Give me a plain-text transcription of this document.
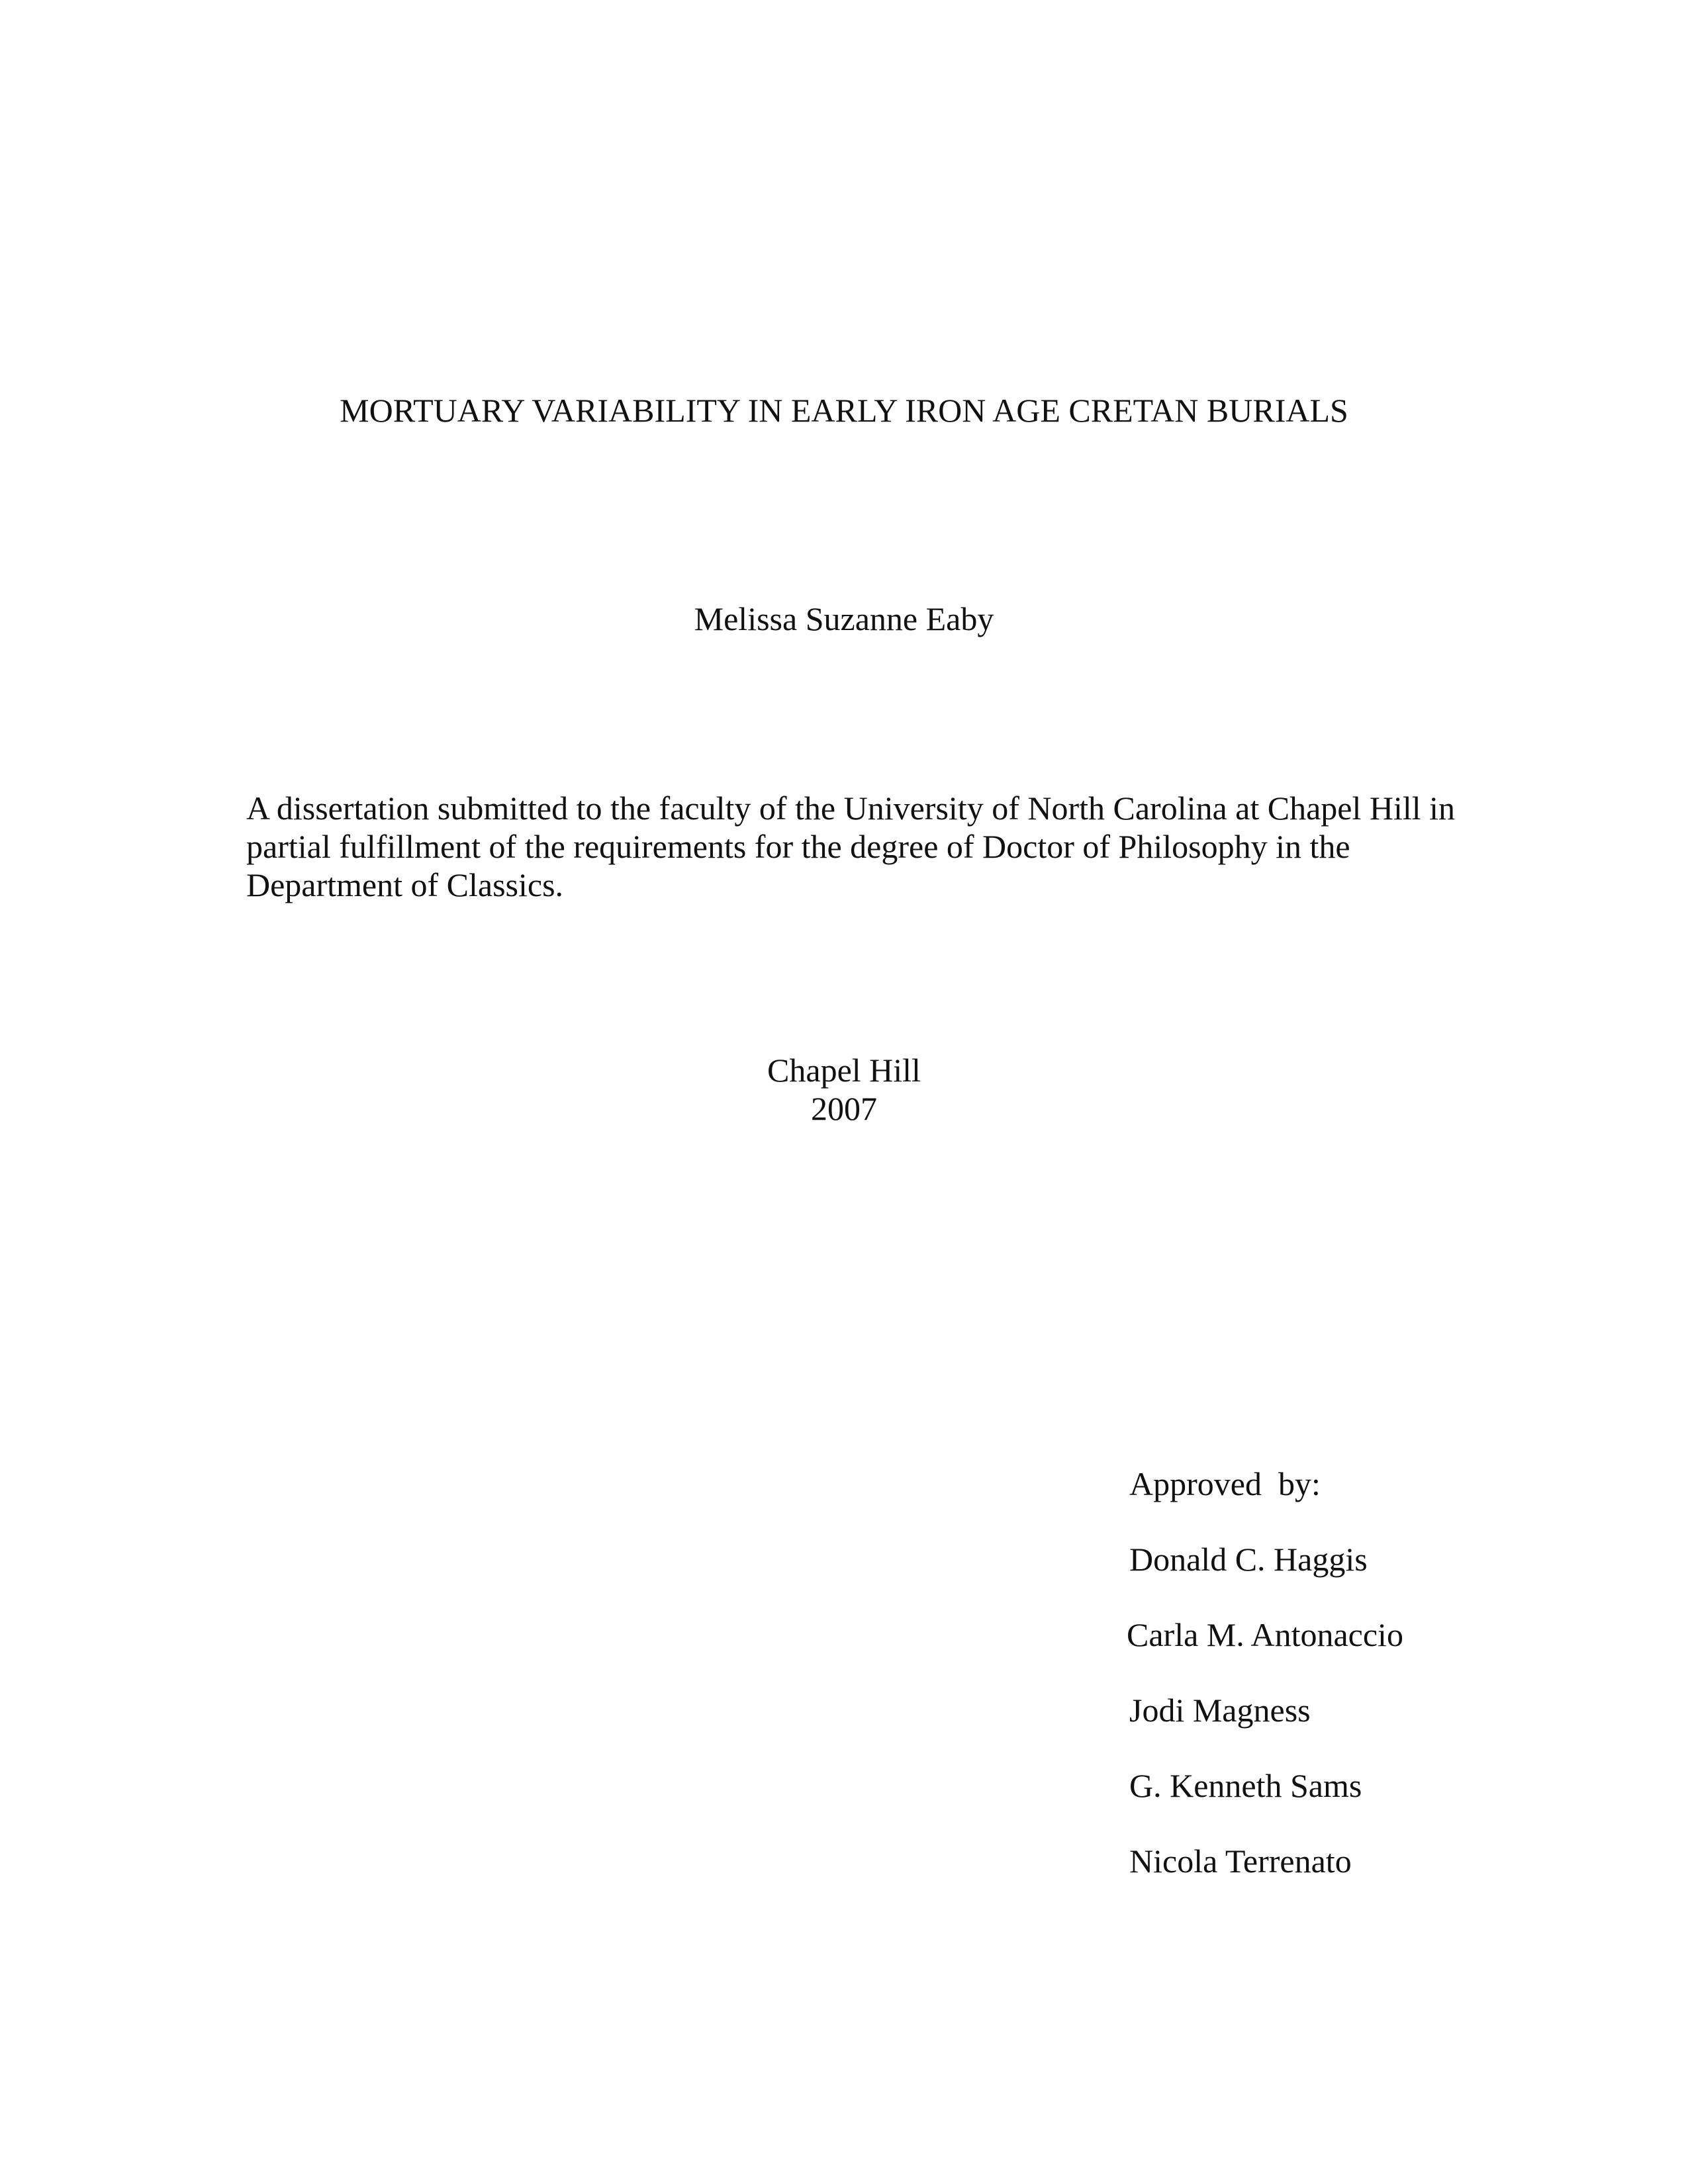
MORTUARY VARIABILITY IN EARLY IRON AGE CRETAN BURIALS
Melissa Suzanne Eaby

A dissertation submitted to the faculty of the University of North Carolina at Chapel Hill in

partial fulfillment of the requirements for the degree of Doctor of Philosophy in the

Department of Classics.

Chapel Hill
2007
Approved  by:
Donald C. Haggis
Carla M. Antonaccio
Jodi Magness
G. Kenneth Sams
Nicola Terrenato
